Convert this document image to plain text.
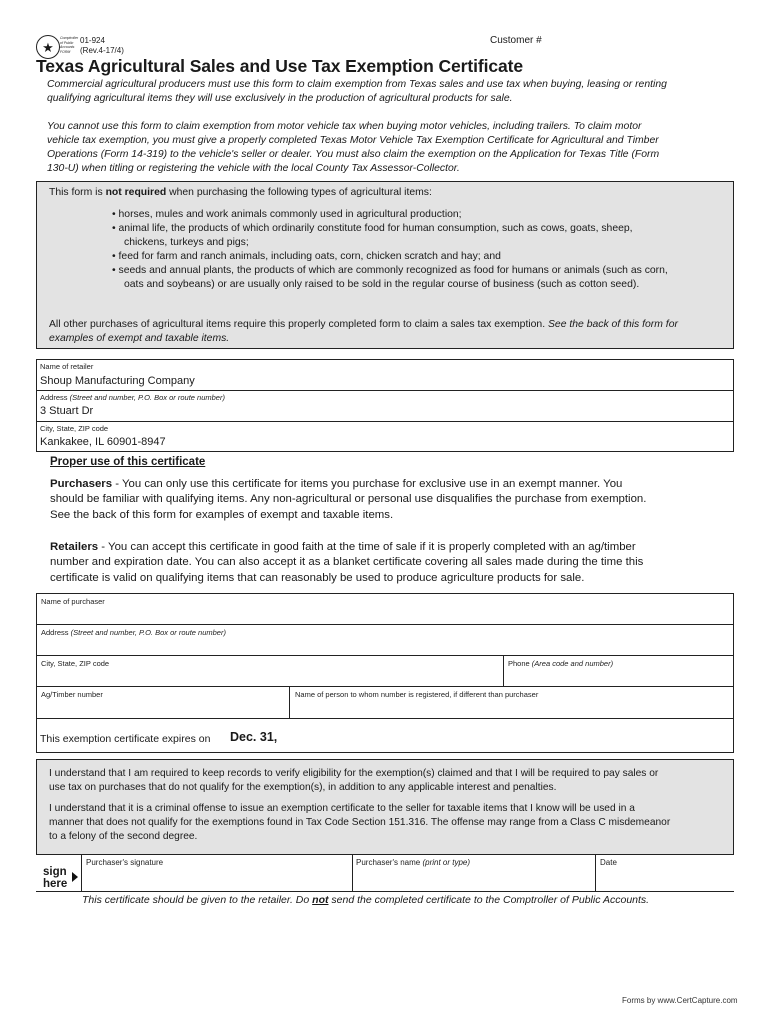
★
Comptroller
of Public
Accounts
FORM
01-924
(Rev.4-17/4)
Customer #
Texas Agricultural Sales and Use Tax Exemption Certificate
Commercial agricultural producers must use this form to claim exemption from Texas sales and use tax when buying, leasing or renting
qualifying agricultural items they will use exclusively in the production of agricultural products for sale.
You cannot use this form to claim exemption from motor vehicle tax when buying motor vehicles, including trailers. To claim motor
vehicle tax exemption, you must give a properly completed Texas Motor Vehicle Tax Exemption Certificate for Agricultural and Timber
Operations (Form 14-319) to the vehicle's seller or dealer. You must also claim the exemption on the Application for Texas Title (Form
130-U) when titling or registering the vehicle with the local County Tax Assessor-Collector.
This form is not required when purchasing the following types of agricultural items:
• horses, mules and work animals commonly used in agricultural production;
• animal life, the products of which ordinarily constitute food for human consumption, such as cows, goats, sheep, chickens, turkeys and pigs;
• feed for farm and ranch animals, including oats, corn, chicken scratch and hay; and
• seeds and annual plants, the products of which are commonly recognized as food for humans or animals (such as corn, oats and soybeans) or are usually only raised to be sold in the regular course of business (such as cotton seed).
All other purchases of agricultural items require this properly completed form to claim a sales tax exemption. See the back of this form for
examples of exempt and taxable items.
Name of retailer
Shoup Manufacturing Company
Address (Street and number, P.O. Box or route number)
3 Stuart Dr
City, State, ZIP code
Kankakee, IL 60901-8947
Proper use of this certificate
Purchasers - You can only use this certificate for items you purchase for exclusive use in an exempt manner. You
should be familiar with qualifying items. Any non-agricultural or personal use disqualifies the purchase from exemption.
See the back of this form for examples of exempt and taxable items.
Retailers - You can accept this certificate in good faith at the time of sale if it is properly completed with an ag/timber
number and expiration date. You can also accept it as a blanket certificate covering all sales made during the time this
certificate is valid on qualifying items that can reasonably be used to produce agriculture products for sale.
Name of purchaser
Address (Street and number, P.O. Box or route number)
City, State, ZIP code	Phone (Area code and number)
Ag/Timber number	Name of person to whom number is registered, if different than purchaser
This exemption certificate expires on Dec. 31,
I understand that I am required to keep records to verify eligibility for the exemption(s) claimed and that I will be required to pay sales or
use tax on purchases that do not qualify for the exemption(s), in addition to any applicable interest and penalties.
I understand that it is a criminal offense to issue an exemption certificate to the seller for taxable items that I know will be used in a
manner that does not qualify for the exemptions found in Tax Code Section 151.316. The offense may range from a Class C misdemeanor
to a felony of the second degree.
sign
here
Purchaser's signature	Purchaser's name (print or type)	Date
This certificate should be given to the retailer. Do not send the completed certificate to the Comptroller of Public Accounts.
Forms by www.CertCapture.com
